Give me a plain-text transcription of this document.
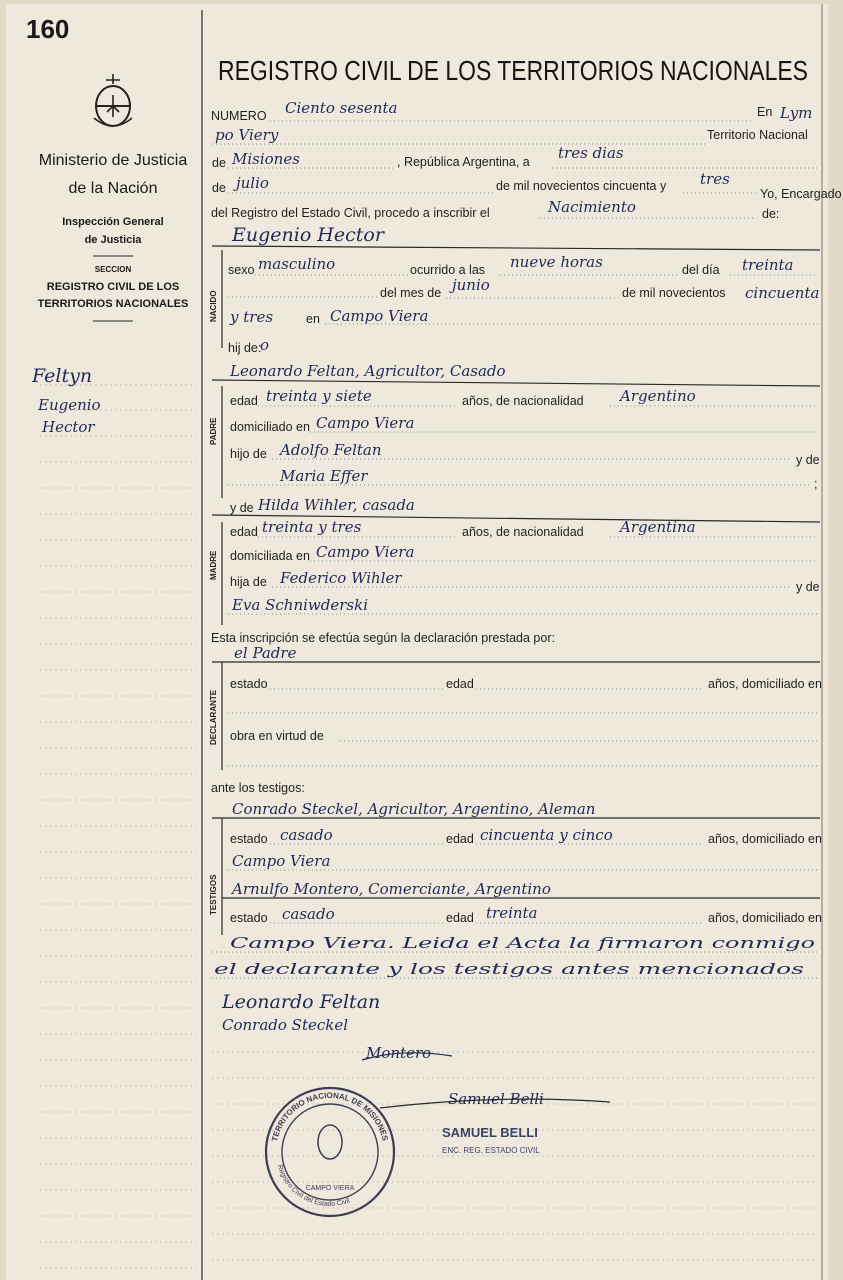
160
Ministerio de Justicia
de la Nación
Inspección General
de Justicia
SECCION
REGISTRO CIVIL DE LOS
TERRITORIOS NACIONALES
Feltyn
Eugenio
Hector
REGISTRO CIVIL DE LOS TERRITORIOS NACIONALES
NUMERO Ciento sesenta	En Lym
po Viery	Territorio Nacional
de Misiones	, República Argentina, a tres dias
de julio	de mil novecientos cincuenta y tres
Yo, Encargado
del Registro del Estado Civil, procedo a inscribir el	Nacimiento	de:
Eugenio Hector
NACIDO
sexo masculino	ocurrido a las nueve horas	del día treinta
del mes de junio	de mil novecientos cincuenta
y tres	en Campo Viera
hij de:
o
Leonardo Feltan, Agricultor, Casado
PADRE
edad treinta y siete	años, de nacionalidad Argentino
domiciliado en Campo Viera
hijo de Adolfo Feltan
y de
Maria Effer	;
y de Hilda Wihler, casada
MADRE
edad treinta y tres	años, de nacionalidad Argentina
domiciliada en Campo Viera
hija de Federico Wihler	y de
Eva Schniwderski
Esta inscripción se efectúa según la declaración prestada por:
el Padre
DECLARANTE
estado	edad	años, domiciliado en
obra en virtud de
ante los testigos:
Conrado Steckel, Agricultor, Argentino, Aleman
TESTIGOS
estado casado	edad cincuenta y cinco	años, domiciliado en
Campo Viera
Arnulfo Montero, Comerciante, Argentino
estado casado	edad treinta	años, domiciliado en
Campo Viera. Leida el Acta la firmaron conmigo
el declarante y los testigos antes mencionados
Leonardo Feltan
Conrado Steckel
Montero
Samuel Belli
TERRITORIO NACIONAL DE MISIONES
Registro Civil del Estado Civil
CAMPO VIERA
SAMUEL BELLI
ENC. REG. ESTADO CIVIL
